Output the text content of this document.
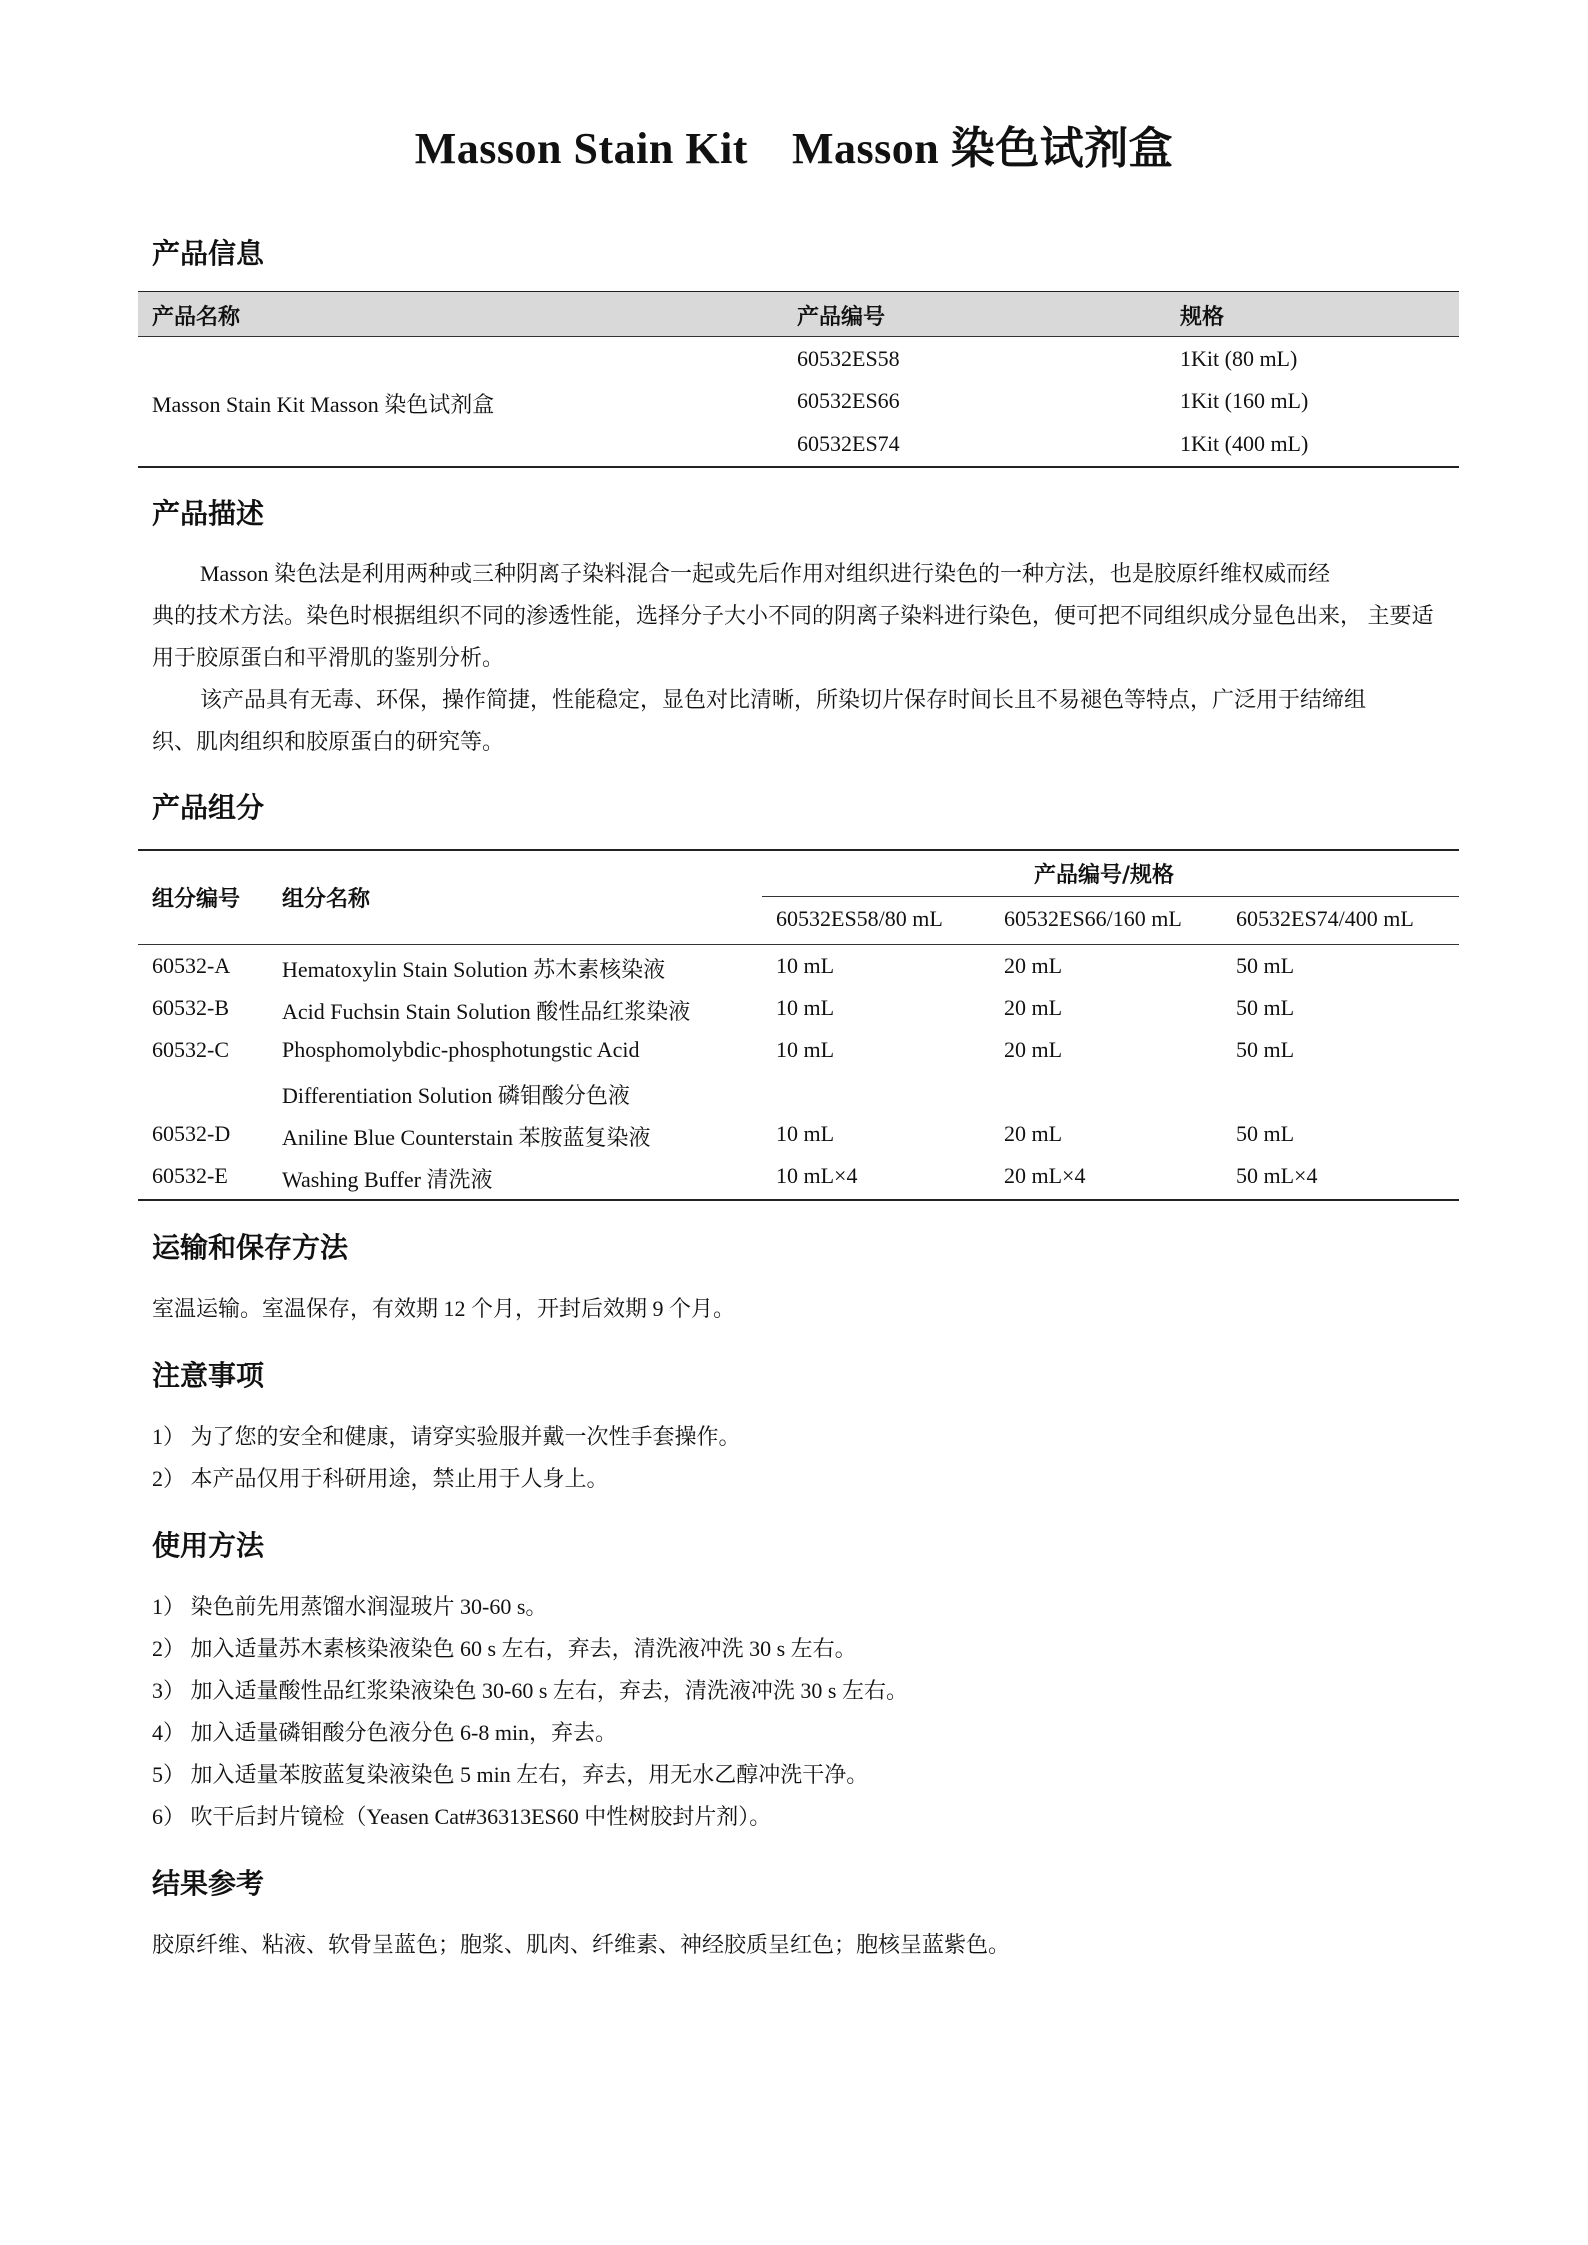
Masson Stain Kit Masson 染色试剂盒
产品信息
产品名称	产品编号	规格
Masson Stain Kit Masson 染色试剂盒
60532ES58	1Kit (80 mL)
60532ES66	1Kit (160 mL)
60532ES74	1Kit (400 mL)
产品描述
Masson 染色法是利用两种或三种阴离子染料混合一起或先后作用对组织进行染色的一种方法，也是胶原纤维权威而经
典的技术方法。染色时根据组织不同的渗透性能，选择分子大小不同的阴离子染料进行染色，便可把不同组织成分显色出来， 主要适
用于胶原蛋白和平滑肌的鉴别分析。
该产品具有无毒、环保，操作简捷，性能稳定，显色对比清晰，所染切片保存时间长且不易褪色等特点，广泛用于结缔组
织、肌肉组织和胶原蛋白的研究等。
产品组分
组分编号 组分名称
产品编号/规格
60532ES58/80 mL	60532ES66/160 mL 60532ES74/400 mL
60532-A Hematoxylin Stain Solution 苏木素核染液	10 mL	20 mL	50 mL
60532-B Acid Fuchsin Stain Solution 酸性品红浆染液	10 mL	20 mL	50 mL
60532-C Phosphomolybdic-phosphotungstic Acid
Differentiation Solution 磷钼酸分色液
10 mL	20 mL	50 mL
60532-D Aniline Blue Counterstain 苯胺蓝复染液	10 mL	20 mL	50 mL
60532-E Washing Buffer 清洗液	10 mL×4	20 mL×4	50 mL×4
运输和保存方法
室温运输。室温保存，有效期 12 个月，开封后效期 9 个月。
注意事项
1） 为了您的安全和健康，请穿实验服并戴一次性手套操作。
2） 本产品仅用于科研用途，禁止用于人身上。
使用方法
1） 染色前先用蒸馏水润湿玻片 30-60 s。
2） 加入适量苏木素核染液染色 60 s 左右，弃去，清洗液冲洗 30 s 左右。
3） 加入适量酸性品红浆染液染色 30-60 s 左右，弃去，清洗液冲洗 30 s 左右。
4） 加入适量磷钼酸分色液分色 6-8 min，弃去。
5） 加入适量苯胺蓝复染液染色 5 min 左右，弃去，用无水乙醇冲洗干净。
6） 吹干后封片镜检（Yeasen Cat#36313ES60 中性树胶封片剂）。
结果参考
胶原纤维、粘液、软骨呈蓝色；胞浆、肌肉、纤维素、神经胶质呈红色；胞核呈蓝紫色。
